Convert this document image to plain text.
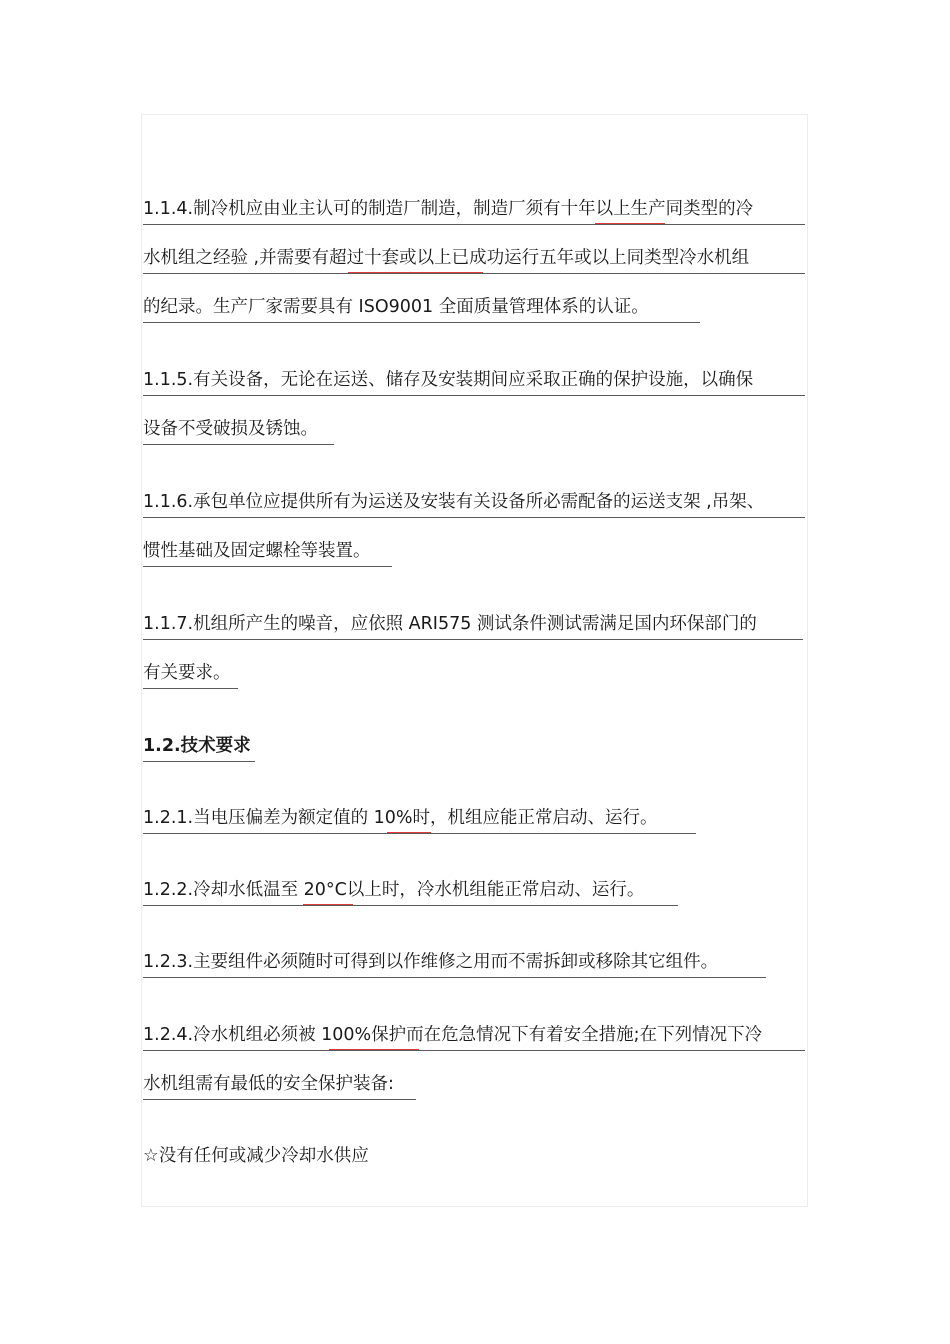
1.1.4.制冷机应由业主认可的制造厂制造，制造厂须有十年以上生产同类型的冷
水机组之经验 ,并需要有超过十套或以上已成功运行五年或以上同类型冷水机组
的纪录。生产厂家需要具有 ISO9001 全面质量管理体系的认证。
1.1.5.有关设备，无论在运送、储存及安装期间应采取正确的保护设施，以确保
设备不受破损及锈蚀。
1.1.6.承包单位应提供所有为运送及安装有关设备所必需配备的运送支架 ,吊架、
惯性基础及固定螺栓等装置。
1.1.7.机组所产生的噪音，应依照 ARI575 测试条件测试需满足国内环保部门的
有关要求。
1.2.技术要求
1.2.1.当电压偏差为额定值的 10%时，机组应能正常启动、运行。
1.2.2.冷却水低温至 20°C以上时，冷水机组能正常启动、运行。
1.2.3.主要组件必须随时可得到以作维修之用而不需拆卸或移除其它组件。
1.2.4.冷水机组必须被 100%保护而在危急情况下有着安全措施;在下列情况下冷
水机组需有最低的安全保护装备:
☆没有任何或减少冷却水供应
